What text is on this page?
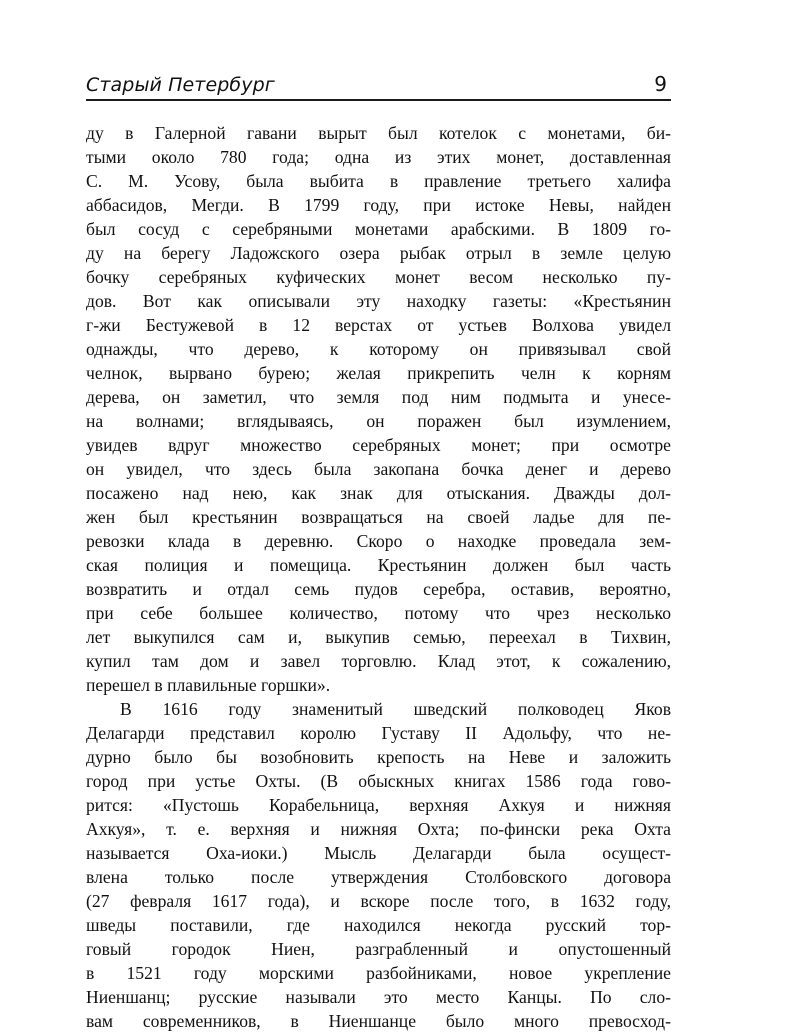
Старый Петербург	9
ду в Галерной гавани вырыт был котелок с монетами, би-
тыми около 780 года; одна из этих монет, доставленная
С. М. Усову, была выбита в правление третьего халифа
аббасидов, Мегди. В 1799 году, при истоке Невы, найден
был сосуд с серебряными монетами арабскими. В 1809 го-
ду на берегу Ладожского озера рыбак отрыл в земле целую
бочку серебряных куфических монет весом несколько пу-
дов. Вот как описывали эту находку газеты: «Крестьянин
г-жи Бестужевой в 12 верстах от устьев Волхова увидел
однажды, что дерево, к которому он привязывал свой
челнок, вырвано бурею; желая прикрепить челн к корням
дерева, он заметил, что земля под ним подмыта и унесе-
на волнами; вглядываясь, он поражен был изумлением,
увидев вдруг множество серебряных монет; при осмотре
он увидел, что здесь была закопана бочка денег и дерево
посажено над нею, как знак для отыскания. Дважды дол-
жен был крестьянин возвращаться на своей ладье для пе-
ревозки клада в деревню. Скоро о находке проведала зем-
ская полиция и помещица. Крестьянин должен был часть
возвратить и отдал семь пудов серебра, оставив, вероятно,
при себе большее количество, потому что чрез несколько
лет выкупился сам и, выкупив семью, переехал в Тихвин,
купил там дом и завел торговлю. Клад этот, к сожалению,
перешел в плавильные горшки».
В 1616 году знаменитый шведский полководец Яков
Делагарди представил королю Густаву II Адольфу, что не-
дурно было бы возобновить крепость на Неве и заложить
город при устье Охты. (В обыскных книгах 1586 года гово-
рится: «Пустошь Корабельница, верхняя Ахкуя и нижняя
Ахкуя», т. е. верхняя и нижняя Охта; по-фински река Охта
называется Оха-иоки.) Мысль Делагарди была осущест-
влена только после утверждения Столбовского договора
(27 февраля 1617 года), и вскоре после того, в 1632 году,
шведы поставили, где находился некогда русский тор-
говый городок Ниен, разграбленный и опустошенный
в 1521 году морскими разбойниками, новое укрепление
Ниеншанц; русские называли это место Канцы. По сло-
вам современников, в Ниеншанце было много превосход-
